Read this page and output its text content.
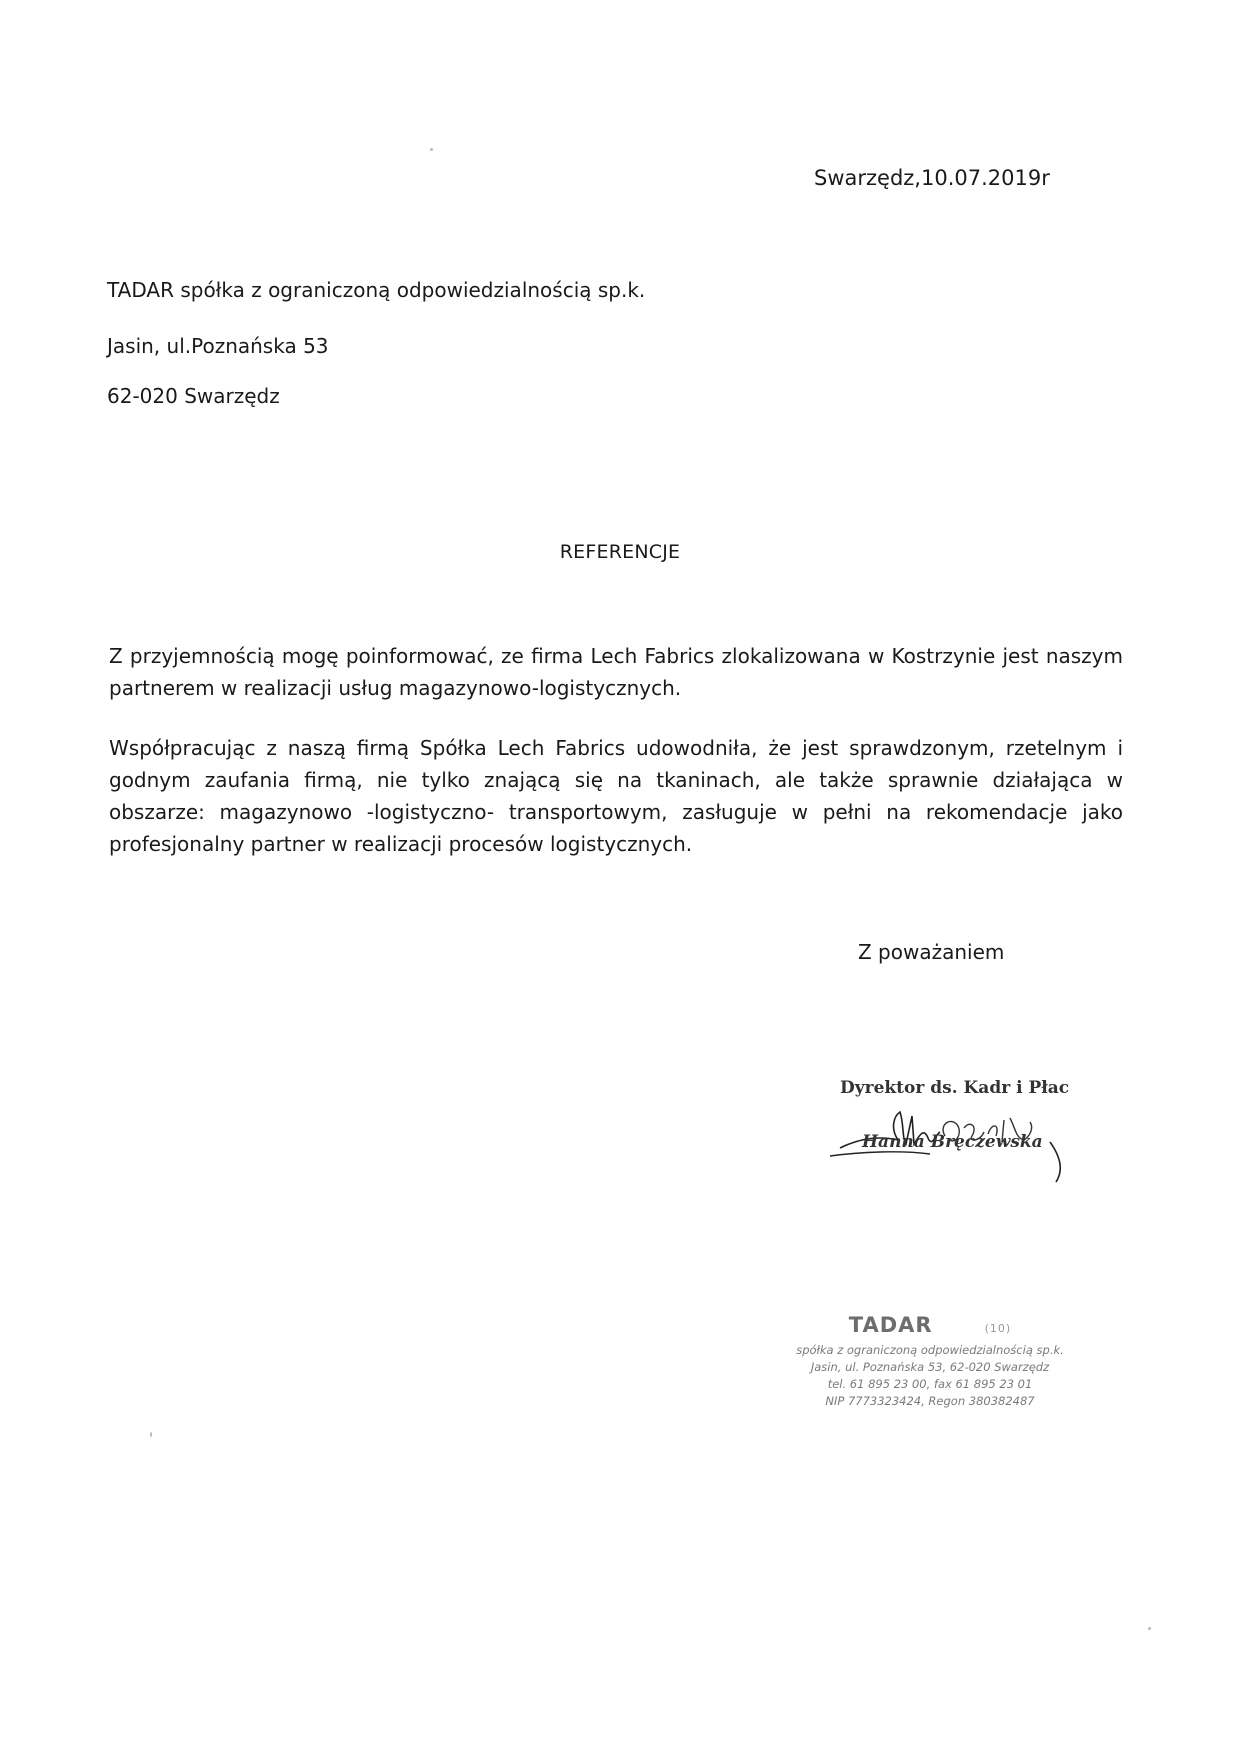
Swarzędz,10.07.2019r
TADAR spółka z ograniczoną odpowiedzialnością sp.k.
Jasin, ul.Poznańska 53
62-020 Swarzędz
REFERENCJE
Z przyjemnością mogę poinformować, ze firma Lech Fabrics zlokalizowana w Kostrzynie jest naszym partnerem w realizacji usług magazynowo-logistycznych.
Współpracując z naszą firmą Spółka Lech Fabrics udowodniła, że jest sprawdzonym, rzetelnym i godnym zaufania firmą, nie tylko znającą się na tkaninach, ale także sprawnie działająca w obszarze: magazynowo -logistyczno- transportowym, zasługuje w pełni na rekomendacje jako profesjonalny partner w realizacji procesów logistycznych.
Z poważaniem
Dyrektor ds. Kadr i Płac
Hanna Bręczewska
TADAR	(10)
spółka z ograniczoną odpowiedzialnością sp.k.
Jasin, ul. Poznańska 53, 62-020 Swarzędz
tel. 61 895 23 00, fax 61 895 23 01
NIP 7773323424, Regon 380382487
